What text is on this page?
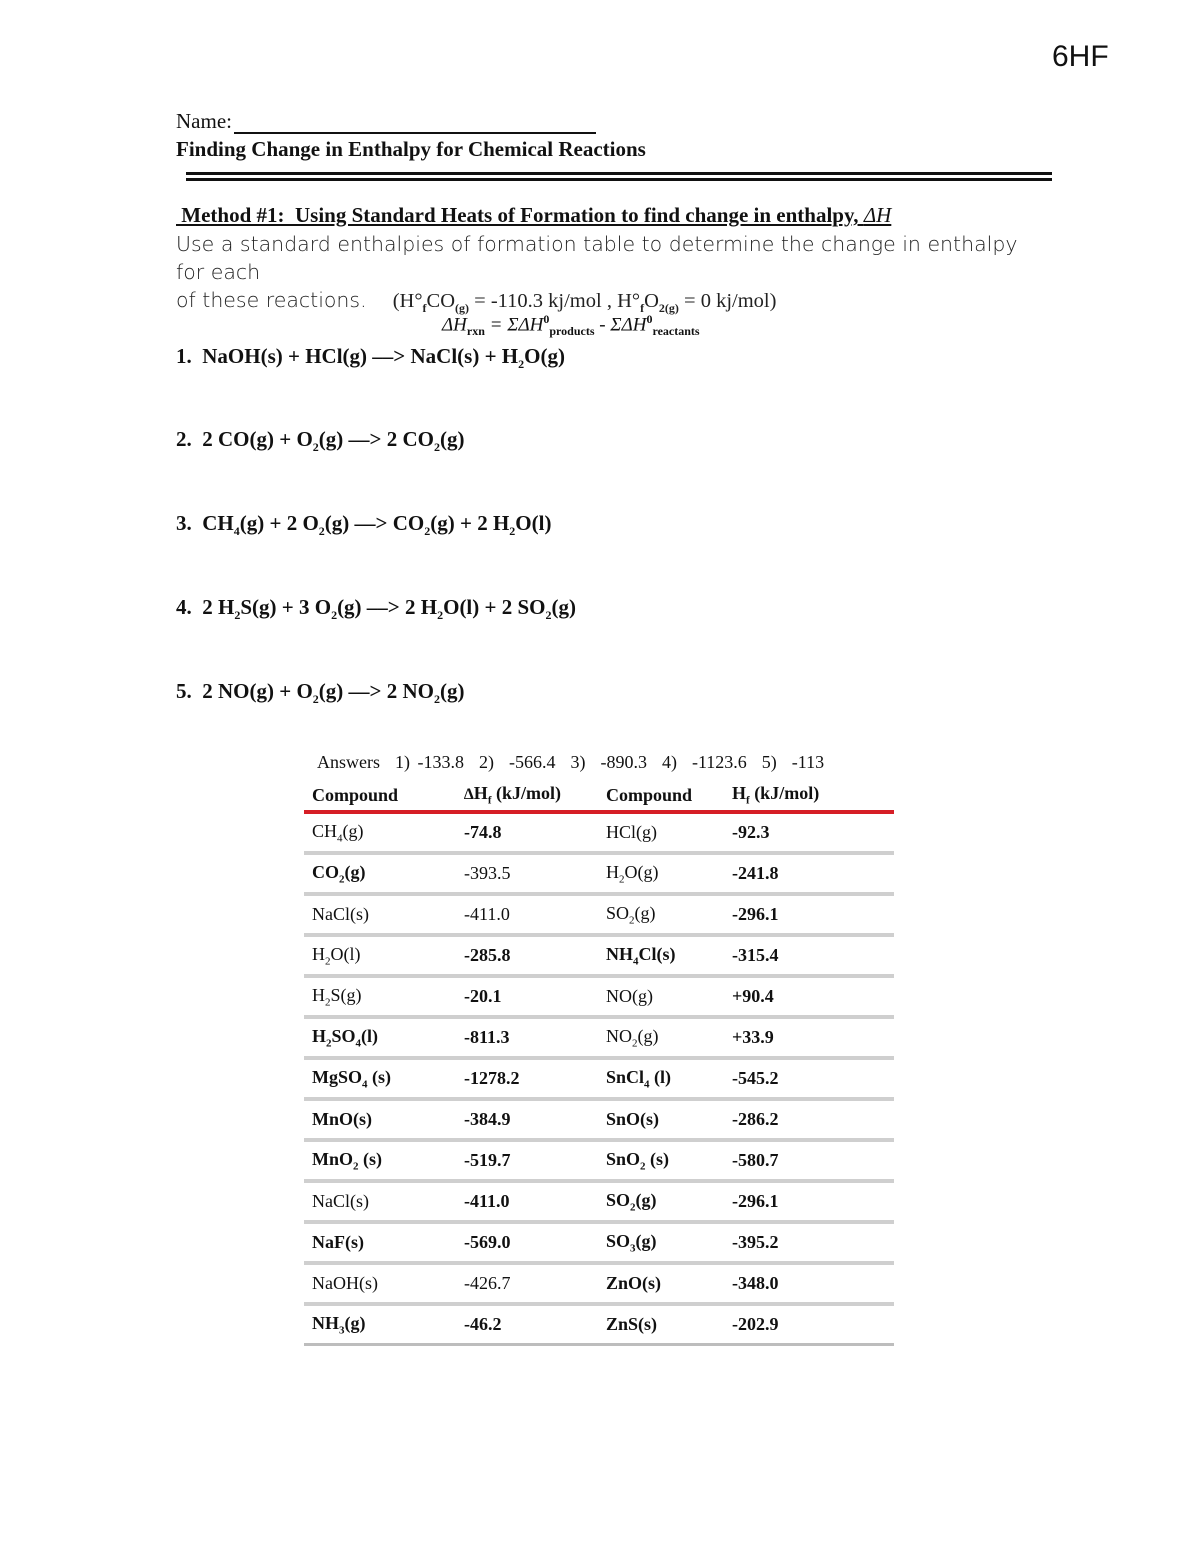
6HF
Name:
Finding Change in Enthalpy for Chemical Reactions
Method #1:  Using Standard Heats of Formation to find change in enthalpy, ΔH
Use a standard enthalpies of formation table to determine the change in enthalpy for each
of these reactions. ($H^\circ_fCO_{(g)} = -110.3$ kj/mol , $H^\circ_fO_{2(g)} = 0$ kj/mol)
$\Delta H_{rxn} = \Sigma\Delta H^0_{products} - \Sigma\Delta H^0_{reactants}$
1. NaOH(s) + HCl(g) ––> NaCl(s) + $H_2O(g)$
2. 2 $CO(g) + O_2(g)$ ––> 2 $CO_2(g)$
3. $CH_4(g) + 2$ $O_2(g)$ ––> $CO_2(g) + 2$ $H_2O(l)$
4. 2 $H_2S(g) + 3$ $O_2(g)$ ––> 2 $H_2O(l) + 2$ $SO_2(g)$
5. 2 $NO(g) + O_2(g)$ ––> 2 $NO_2(g)$
Answers  1) -133.8  2)  -566.4  3)  -890.3  4)  -1123.6  5)  -113
Compound	$\Delta H_f$ (kJ/mol)	Compound	$H_f$ (kJ/mol)
$CH_4(g)$	-74.8	HCl(g)	-92.3
$CO_2(g)$	-393.5	$H_2O(g)$	-241.8
NaCl(s)	-411.0	$SO_2(g)$	-296.1
$H_2O(l)$	-285.8	$NH_4Cl(s)$	-315.4
$H_2S(g)$	-20.1	NO(g)	+90.4
$H_2SO_4(l)$	-811.3	$NO_2(g)$	+33.9
MgSO$_4$ (s)	-1278.2	SnCl$_4$ (l)	-545.2
MnO(s)	-384.9	SnO(s)	-286.2
MnO$_2$ (s)	-519.7	SnO$_2$ (s)	-580.7
NaCl(s)	-411.0	$SO_2(g)$	-296.1
NaF(s)	-569.0	$SO_3(g)$	-395.2
NaOH(s)	-426.7	ZnO(s)	-348.0
$NH_3(g)$	-46.2	ZnS(s)	-202.9
